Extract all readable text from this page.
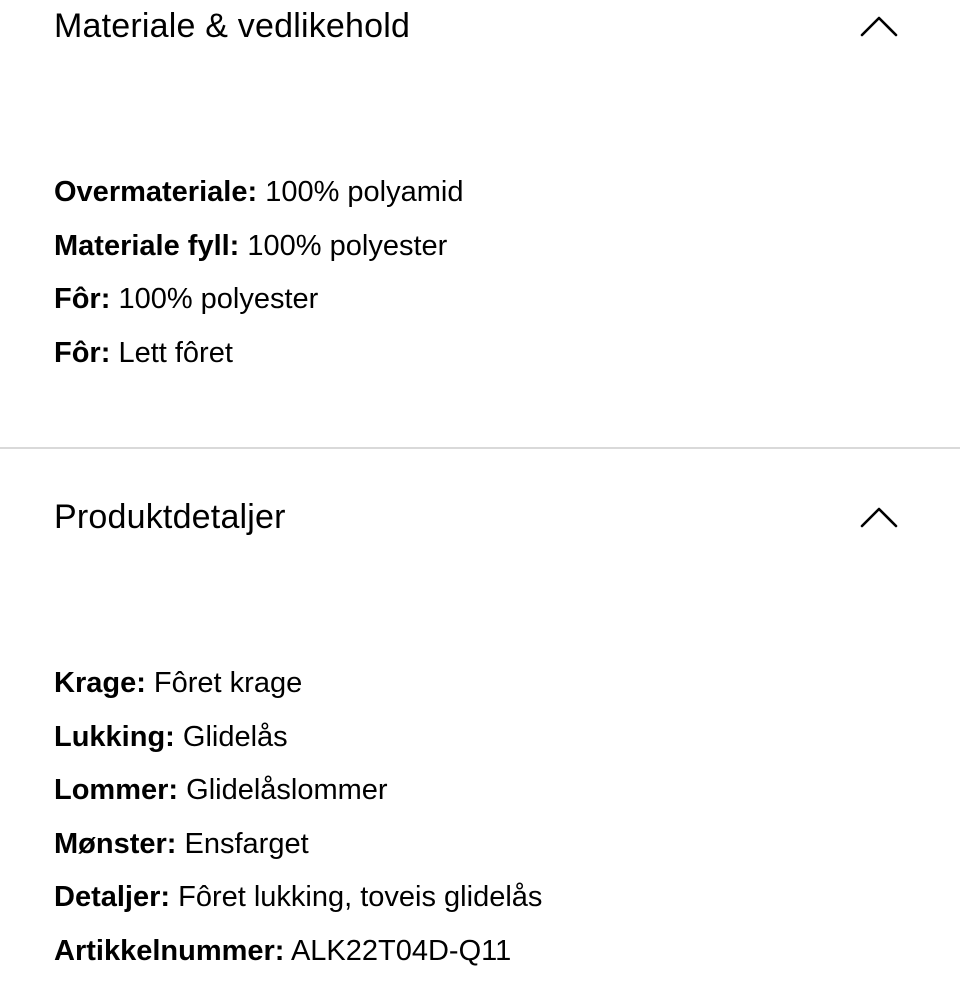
Materiale & vedlikehold
Overmateriale: 100% polyamid
Materiale fyll: 100% polyester
Fôr: 100% polyester
Fôr: Lett fôret
Produktdetaljer
Krage: Fôret krage
Lukking: Glidelås
Lommer: Glidelåslommer
Mønster: Ensfarget
Detaljer: Fôret lukking, toveis glidelås
Artikkelnummer: ALK22T04D-Q11
